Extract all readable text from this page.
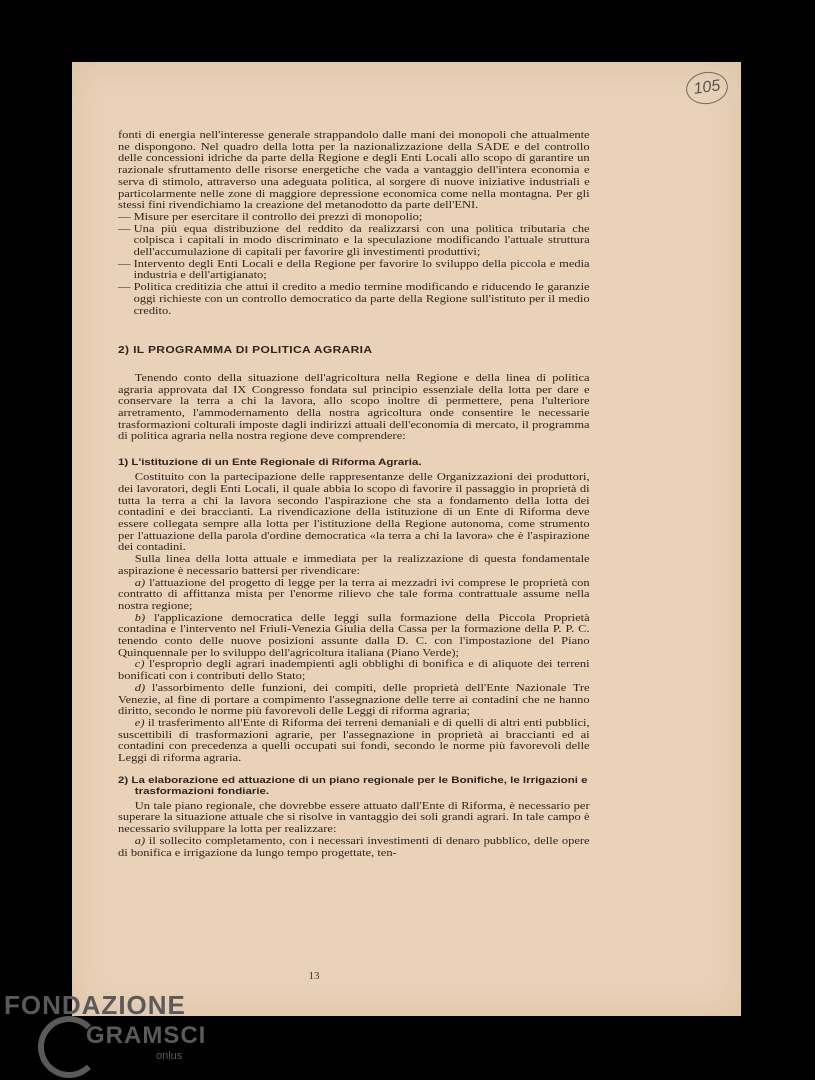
105

fonti di energia nell'interesse generale strappandolo dalle mani dei monopoli che attualmente ne dispongono. Nel quadro della lotta per la nazionalizzazione della SADE e del controllo delle concessioni idriche da parte della Regione e degli Enti Locali allo scopo di garantire un razionale sfruttamento delle risorse energetiche che vada a vantaggio dell'intera economia e serva di stimolo, attraverso una adeguata politica, al sorgere di nuove iniziative industriali e particolarmente nelle zone di maggiore depressione economica come nella montagna. Per gli stessi fini rivendichiamo la creazione del metanodotto da parte dell'ENI.

— Misure per esercitare il controllo dei prezzi di monopolio;

— Una più equa distribuzione del reddito da realizzarsi con una politica tributaria che colpisca i capitali in modo discriminato e la speculazione modificando l'attuale struttura dell'accumulazione di capitali per favorire gli investimenti produttivi;

— Intervento degli Enti Locali e della Regione per favorire lo sviluppo della piccola e media industria e dell'artigianato;

— Politica creditizia che attui il credito a medio termine modificando e riducendo le garanzie oggi richieste con un controllo democratico da parte della Regione sull'istituto per il medio credito.

2) IL PROGRAMMA DI POLITICA AGRARIA

Tenendo conto della situazione dell'agricoltura nella Regione e della linea di politica agraria approvata dal IX Congresso fondata sul principio essenziale della lotta per dare e conservare la terra a chi la lavora, allo scopo inoltre di permettere, pena l'ulteriore arretramento, l'ammodernamento della nostra agricoltura onde consentire le necessarie trasformazioni colturali imposte dagli indirizzi attuali dell'economia di mercato, il programma di politica agraria nella nostra regione deve comprendere:

1) L'istituzione di un Ente Regionale di Riforma Agraria.

Costituito con la partecipazione delle rappresentanze delle Organizzazioni dei produttori, dei lavoratori, degli Enti Locali, il quale abbia lo scopo di favorire il passaggio in proprietà di tutta la terra a chi la lavora secondo l'aspirazione che sta a fondamento della lotta dei contadini e dei braccianti. La rivendicazione della istituzione di un Ente di Riforma deve essere collegata sempre alla lotta per l'istituzione della Regione autonoma, come strumento per l'attuazione della parola d'ordine democratica «la terra a chi la lavora» che è l'aspirazione dei contadini.

Sulla linea della lotta attuale e immediata per la realizzazione di questa fondamentale aspirazione è necessario battersi per rivendicare:

a) l'attuazione del progetto di legge per la terra ai mezzadri ivi comprese le proprietà con contratto di affittanza mista per l'enorme rilievo che tale forma contrattuale assume nella nostra regione;

b) l'applicazione democratica delle leggi sulla formazione della Piccola Proprietà contadina e l'intervento nel Friuli-Venezia Giulia della Cassa per la formazione della P. P. C. tenendo conto delle nuove posizioni assunte dalla D. C. con l'impostazione del Piano Quinquennale per lo sviluppo dell'agricoltura italiana (Piano Verde);

c) l'esproprio degli agrari inadempienti agli obblighi di bonifica e di aliquote dei terreni bonificati con i contributi dello Stato;

d) l'assorbimento delle funzioni, dei compiti, delle proprietà dell'Ente Nazionale Tre Venezie, al fine di portare a compimento l'assegnazione delle terre ai contadini che ne hanno diritto, secondo le norme più favorevoli delle Leggi di riforma agraria;

e) il trasferimento all'Ente di Riforma dei terreni demaniali e di quelli di altri enti pubblici, suscettibili di trasformazioni agrarie, per l'assegnazione in proprietà ai braccianti ed ai contadini con precedenza a quelli occupati sui fondi, secondo le norme più favorevoli delle Leggi di riforma agraria.

2) La elaborazione ed attuazione di un piano regionale per le Bonifiche, le Irrigazioni e trasformazioni fondiarie.

Un tale piano regionale, che dovrebbe essere attuato dall'Ente di Riforma, è necessario per superare la situazione attuale che si risolve in vantaggio dei soli grandi agrari. In tale campo è necessario sviluppare la lotta per realizzare:

a) il sollecito completamento, con i necessari investimenti di denaro pubblico, delle opere di bonifica e irrigazione da lungo tempo progettate, ten-

13
FONDAZIONE
GRAMSCI
onlus
